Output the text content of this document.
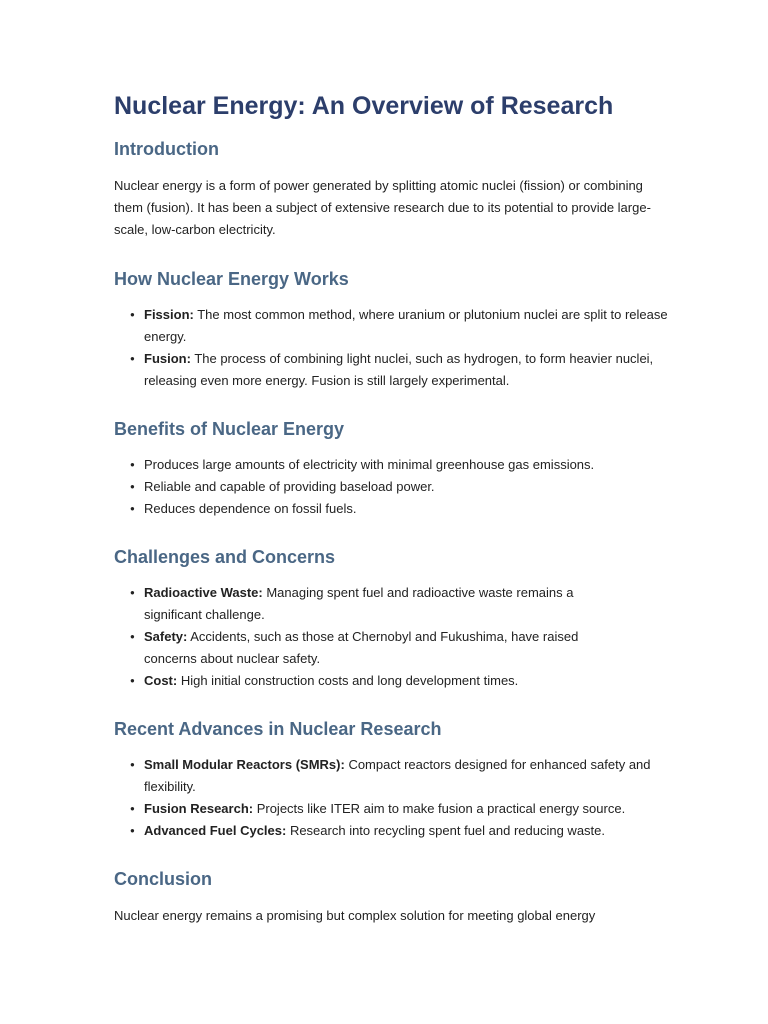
Nuclear Energy: An Overview of Research
Introduction

Nuclear energy is a form of power generated by splitting atomic nuclei (fission) or combining them (fusion). It has been a subject of extensive research due to its potential to provide large-scale, low-carbon electricity.

How Nuclear Energy Works
● Fission: The most common method, where uranium or plutonium nuclei are split to release energy.
● Fusion: The process of combining light nuclei, such as hydrogen, to form heavier nuclei, releasing even more energy. Fusion is still largely experimental.
Benefits of Nuclear Energy
● Produces large amounts of electricity with minimal greenhouse gas emissions.
● Reliable and capable of providing baseload power.
● Reduces dependence on fossil fuels.
Challenges and Concerns
● Radioactive Waste: Managing spent fuel and radioactive waste remains a significant challenge.
● Safety: Accidents, such as those at Chernobyl and Fukushima, have raised concerns about nuclear safety.
● Cost: High initial construction costs and long development times.
Recent Advances in Nuclear Research
● Small Modular Reactors (SMRs): Compact reactors designed for enhanced safety and flexibility.
● Fusion Research: Projects like ITER aim to make fusion a practical energy source.
● Advanced Fuel Cycles: Research into recycling spent fuel and reducing waste.
Conclusion

Nuclear energy remains a promising but complex solution for meeting global energy
